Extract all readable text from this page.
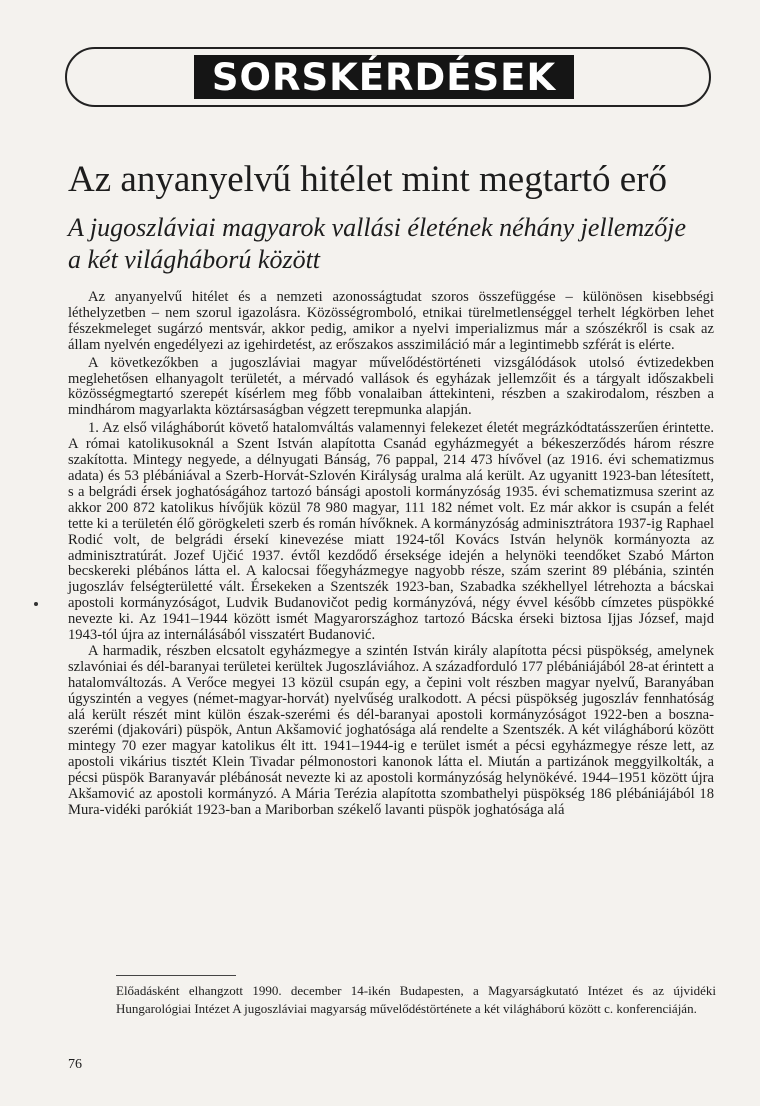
SORSKÉRDÉSEK
Az anyanyelvű hitélet mint megtartó erő
A jugoszláviai magyarok vallási életének néhány jellemzője
a két világháború között

Az anyanyelvű hitélet és a nemzeti azonosságtudat szoros összefüggése – különösen kisebbségi léthelyzetben – nem szorul igazolásra. Közösségromboló, etnikai türelmetlenséggel terhelt légkörben lehet fészekmeleget sugárzó mentsvár, akkor pedig, amikor a nyelvi imperializmus már a szószékről is csak az állam nyelvén engedélyezi az igehirdetést, az erőszakos asszimiláció már a legintimebb szférát is elérte.

A következőkben a jugoszláviai magyar művelődéstörténeti vizsgálódások utolsó évtizedekben meglehetősen elhanyagolt területét, a mérvadó vallások és egyházak jellemzőit és a tárgyalt időszakbeli közösségmegtartó szerepét kísérlem meg főbb vonalaiban áttekinteni, részben a szakirodalom, részben a mindhárom magyarlakta köztársaságban végzett terepmunka alapján.

1. Az első világháborút követő hatalomváltás valamennyi felekezet életét megrázkódtatásszerűen érintette. A római katolikusoknál a Szent István alapította Csanád egyházmegyét a békeszerződés három részre szakította. Mintegy negyede, a délnyugati Bánság, 76 pappal, 214 473 hívővel (az 1916. évi schematizmus adata) és 53 plébániával a Szerb-Horvát-Szlovén Királyság uralma alá került. Az ugyanitt 1923-ban létesített, s a belgrádi érsek joghatóságához tartozó bánsági apostoli kormányzóság 1935. évi schematizmusa szerint az akkor 200 872 katolikus hívőjük közül 78 980 magyar, 111 182 német volt. Ez már akkor is csupán a felét tette ki a területén élő görögkeleti szerb és román hívőknek. A kormányzóság adminisztrátora 1937-ig Raphael Rodić volt, de belgrádi érsekí kinevezése miatt 1924-től Kovács István helynök kormányozta az adminisztratúrát. Jozef Ujčić 1937. évtől kezdődő érseksége idején a helynöki teendőket Szabó Márton becskereki plébános látta el. A kalocsai főegyházmegye nagyobb része, szám szerint 89 plébánia, szintén jugoszláv felségterületté vált. Érsekeken a Szentszék 1923-ban, Szabadka székhellyel létrehozta a bácskai apostoli kormányzóságot, Ludvik Budanovičot pedig kormányzóvá, négy évvel később címzetes püspökké nevezte ki. Az 1941–1944 között ismét Magyarországhoz tartozó Bácska érseki biztosa Ijjas József, majd 1943-tól újra az internálásából visszatért Budanović.

A harmadik, részben elcsatolt egyházmegye a szintén István király alapította pécsi püspökség, amelynek szlavóniai és dél-baranyai területei kerültek Jugoszláviához. A századforduló 177 plébániájából 28-at érintett a hatalomváltozás. A Verőce megyei 13 közül csupán egy, a čepini volt részben magyar nyelvű, Baranyában úgyszintén a vegyes (német-magyar-horvát) nyelvűség uralkodott. A pécsi püspökség jugoszláv fennhatóság alá került részét mint külön észak-szerémi és dél-baranyai apostoli kormányzóságot 1922-ben a boszna-szerémi (djakovári) püspök, Antun Akšamović joghatósága alá rendelte a Szentszék. A két világháború között mintegy 70 ezer magyar katolikus élt itt. 1941–1944-ig e terület ismét a pécsi egyházmegye része lett, az apostoli vikárius tisztét Klein Tivadar pélmonostori kanonok látta el. Miután a partizánok meggyilkolták, a pécsi püspök Baranyavár plébánosát nevezte ki az apostoli kormányzóság helynökévé. 1944–1951 között újra Akšamović az apostoli kormányzó. A Mária Terézia alapította szombathelyi püspökség 186 plébániájából 18 Mura-vidéki parókiát 1923-ban a Mariborban székelő lavanti püspök joghatósága alá

Előadásként elhangzott 1990. december 14-ikén Budapesten, a Magyarságkutató Intézet és az újvidéki Hungarológiai Intézet A jugoszláviai magyarság művelődéstörténete a két világháború között c. konferenciáján.
76
